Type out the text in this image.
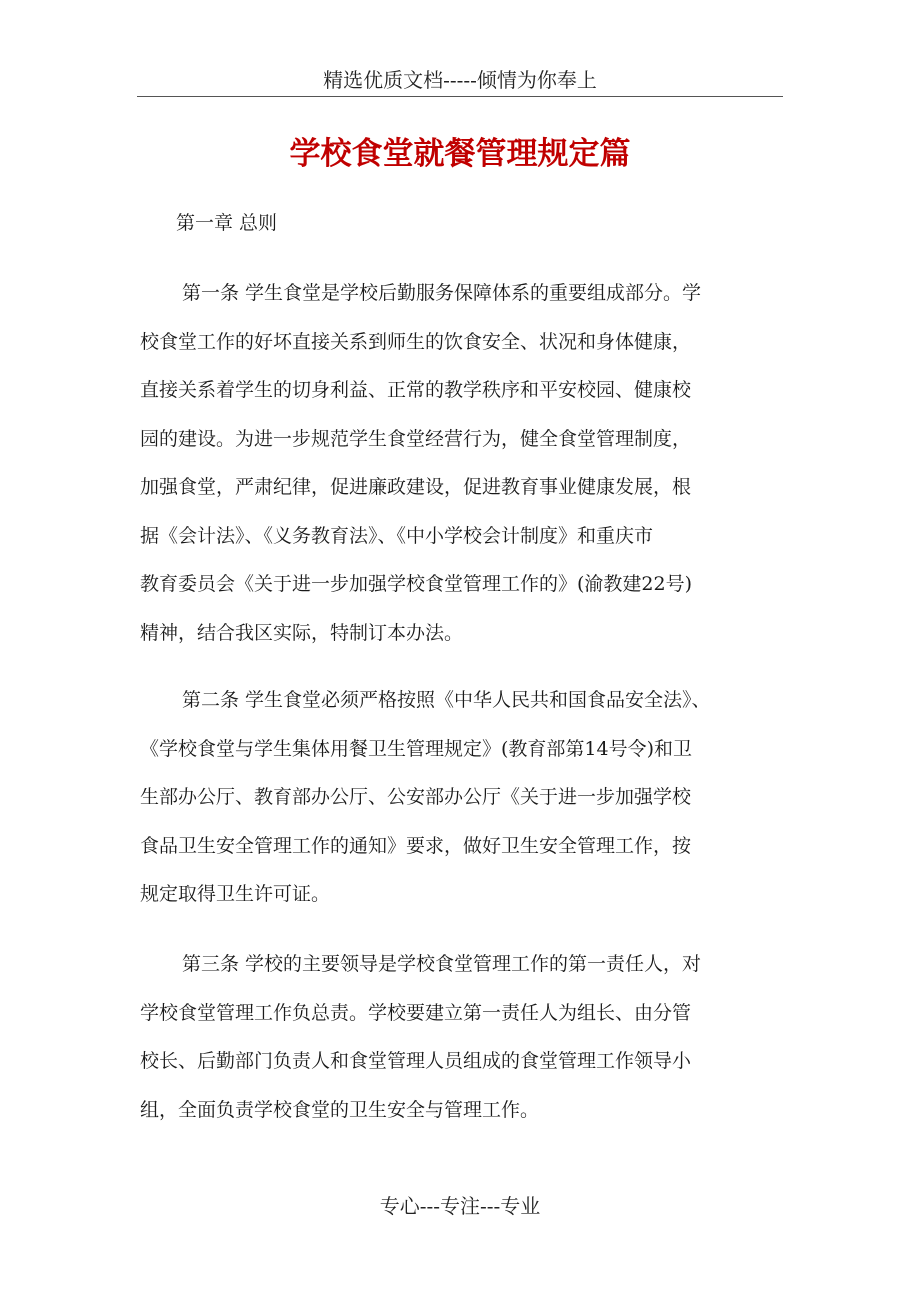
精选优质文档-----倾情为你奉上
学校食堂就餐管理规定篇

第一章 总则

第一条 学生食堂是学校后勤服务保障体系的重要组成部分。学
校食堂工作的好坏直接关系到师生的饮食安全、状况和身体健康，
直接关系着学生的切身利益、正常的教学秩序和平安校园、健康校
园的建设。为进一步规范学生食堂经营行为，健全食堂管理制度，
加强食堂，严肃纪律，促进廉政建设，促进教育事业健康发展，根
据《会计法》、《义务教育法》、《中小学校会计制度》和重庆市
教育委员会《关于进一步加强学校食堂管理工作的》(渝教建22号)
精神，结合我区实际，特制订本办法。

第二条 学生食堂必须严格按照《中华人民共和国食品安全法》、
《学校食堂与学生集体用餐卫生管理规定》(教育部第14号令)和卫
生部办公厅、教育部办公厅、公安部办公厅《关于进一步加强学校
食品卫生安全管理工作的通知》要求，做好卫生安全管理工作，按
规定取得卫生许可证。

第三条 学校的主要领导是学校食堂管理工作的第一责任人，对
学校食堂管理工作负总责。学校要建立第一责任人为组长、由分管
校长、后勤部门负责人和食堂管理人员组成的食堂管理工作领导小
组，全面负责学校食堂的卫生安全与管理工作。

专心---专注---专业
